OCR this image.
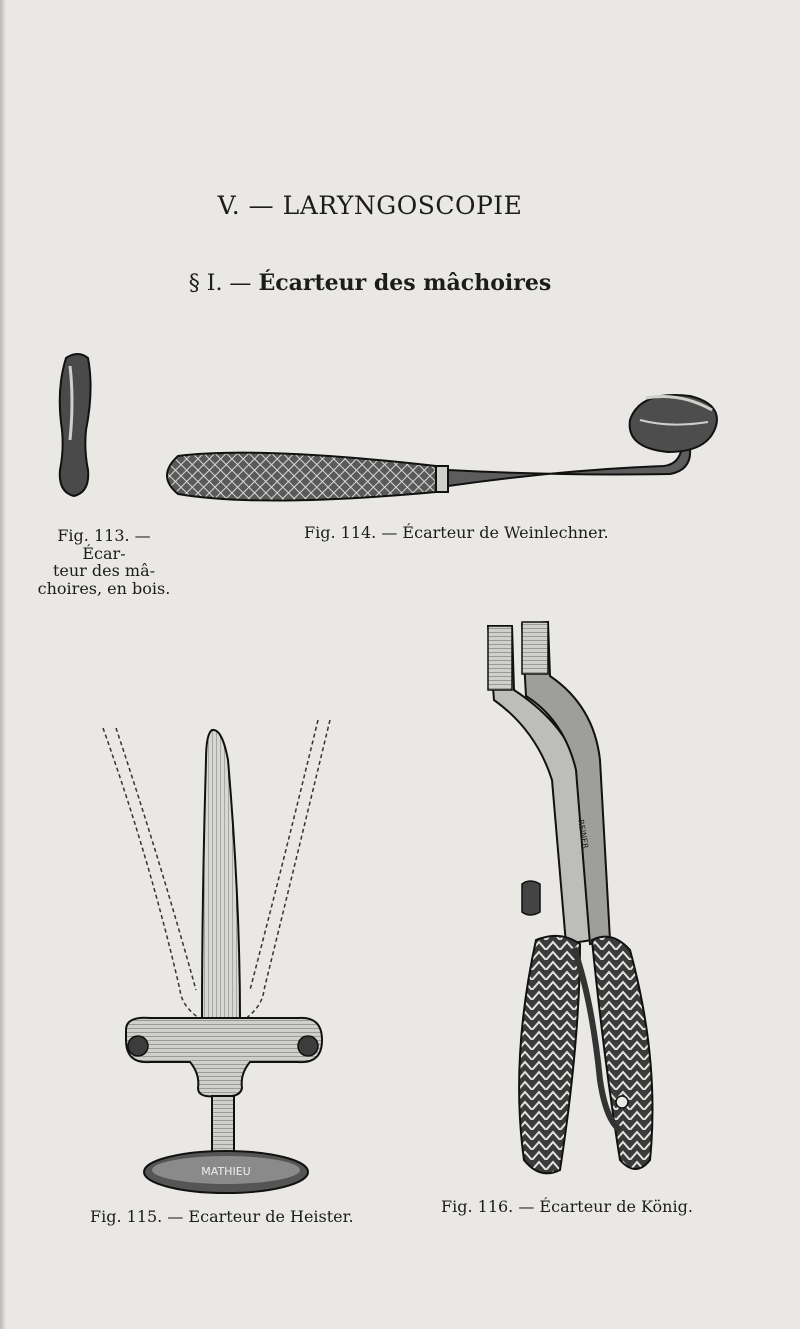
V. — LARYNGOSCOPIE
§ I. — Écarteur des mâchoires
MATHIEU
REINER
Fig. 113. — Écar-
teur des mâ-
choires, en bois.
Fig. 114. — Écarteur de Weinlechner.
Fig. 115. — Ecarteur de Heister.
Fig. 116. — Écarteur de König.
